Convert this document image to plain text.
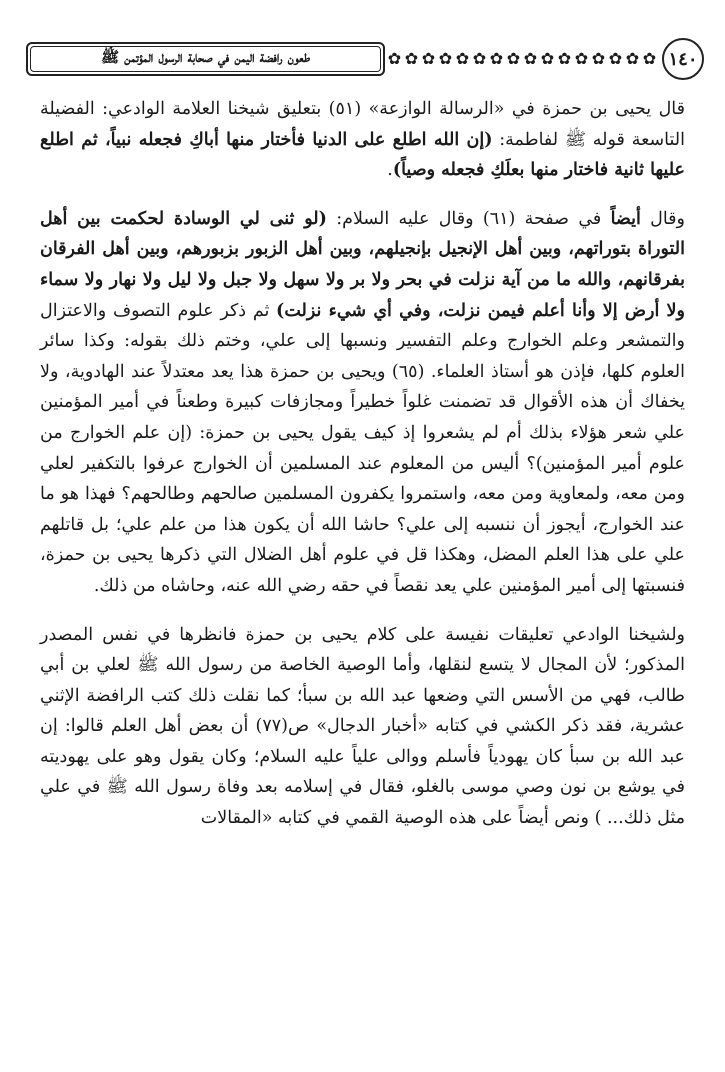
١٤٠
✿ ✿ ✿ ✿ ✿ ✿ ✿ ✿ ✿ ✿ ✿ ✿ ✿ ✿ ✿ ✿
طعون رافضة اليمن في صحابة الرسول المؤتمن ﷺ

قال يحيى بن حمزة في «الرسالة الوازعة» (٥١) بتعليق شيخنا العلامة الوادعي: الفضيلة التاسعة قوله ﷺ لفاطمة: (إن الله اطلع على الدنيا فأختار منها أباكِ فجعله نبياً، ثم اطلع عليها ثانية فاختار منها بعلَكِ فجعله وصياً).

وقال أيضاً في صفحة (٦١) وقال عليه السلام: (لو ثنى لي الوسادة لحكمت بين أهل التوراة بتوراتهم، وبين أهل الإنجيل بإنجيلهم، وبين أهل الزبور بزبورهم، وبين أهل الفرقان بفرقانهم، والله ما من آية نزلت في بحر ولا بر ولا سهل ولا جبل ولا ليل ولا نهار ولا سماء ولا أرض إلا وأنا أعلم فيمن نزلت، وفي أي شيء نزلت) ثم ذكر علوم التصوف والاعتزال والتمشعر وعلم الخوارج وعلم التفسير ونسبها إلى علي، وختم ذلك بقوله: وكذا سائر العلوم كلها، فإذن هو أستاذ العلماء. (٦٥) ويحيى بن حمزة هذا يعد معتدلاً عند الهادوية، ولا يخفاك أن هذه الأقوال قد تضمنت غلواً خطيراً ومجازفات كبيرة وطعناً في أمير المؤمنين علي شعر هؤلاء بذلك أم لم يشعروا إذ كيف يقول يحيى بن حمزة: (إن علم الخوارج من علوم أمير المؤمنين)؟ أليس من المعلوم عند المسلمين أن الخوارج عرفوا بالتكفير لعلي ومن معه، ولمعاوية ومن معه، واستمروا يكفرون المسلمين صالحهم وطالحهم؟ فهذا هو ما عند الخوارج، أيجوز أن ننسبه إلى علي؟ حاشا الله أن يكون هذا من علم علي؛ بل قاتلهم علي على هذا العلم المضل، وهكذا قل في علوم أهل الضلال التي ذكرها يحيى بن حمزة، فنسبتها إلى أمير المؤمنين علي يعد نقصاً في حقه رضي الله عنه، وحاشاه من ذلك.

ولشيخنا الوادعي تعليقات نفيسة على كلام يحيى بن حمزة فانظرها في نفس المصدر المذكور؛ لأن المجال لا يتسع لنقلها، وأما الوصية الخاصة من رسول الله ﷺ لعلي بن أبي طالب، فهي من الأسس التي وضعها عبد الله بن سبأ؛ كما نقلت ذلك كتب الرافضة الإثني عشرية، فقد ذكر الكشي في كتابه «أخبار الدجال» ص(٧٧) أن بعض أهل العلم قالوا: إن عبد الله بن سبأ كان يهودياً فأسلم ووالى علياً عليه السلام؛ وكان يقول وهو على يهوديته في يوشع بن نون وصي موسى بالغلو، فقال في إسلامه بعد وفاة رسول الله ﷺ في علي مثل ذلك... ) ونص أيضاً على هذه الوصية القمي في كتابه «المقالات
